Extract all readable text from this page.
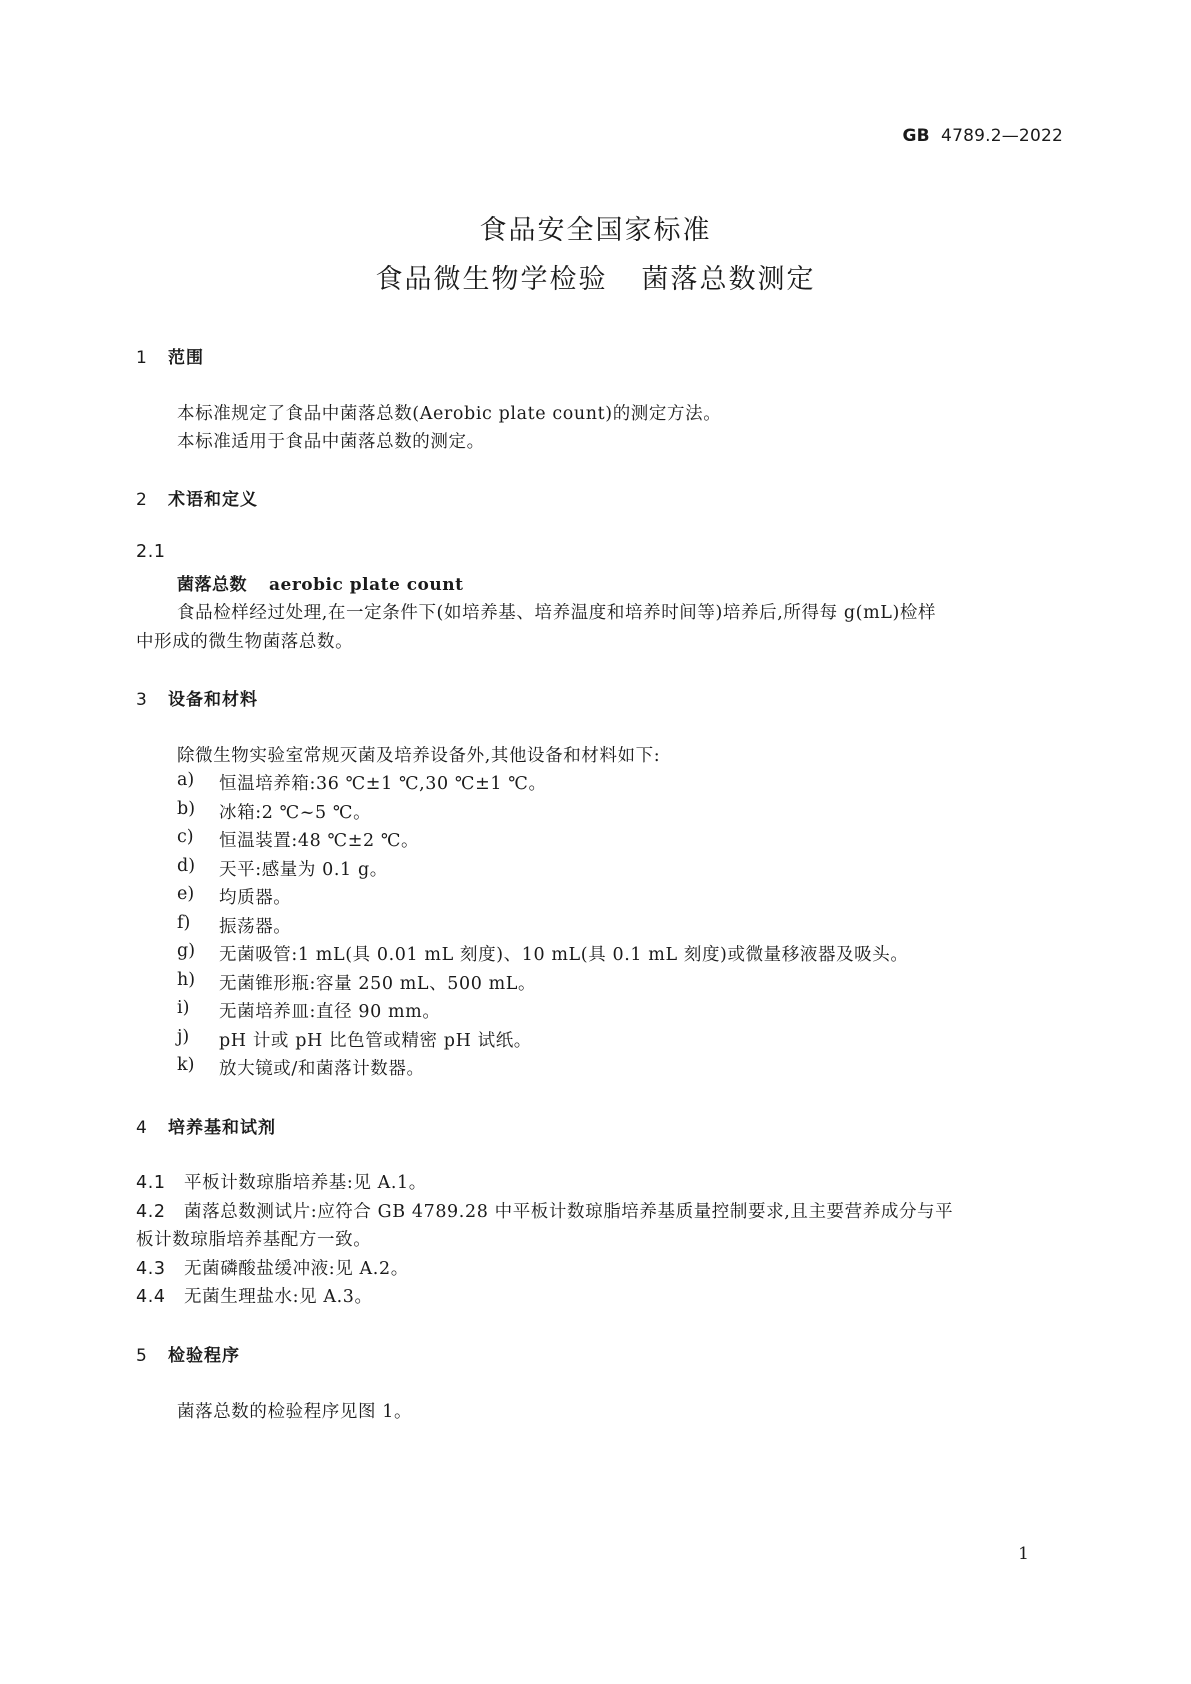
GB 4789.2—2022
食品安全国家标准
食品微生物学检验 菌落总数测定
1 范围
本标准规定了食品中菌落总数(Aerobic plate count)的测定方法。
本标准适用于食品中菌落总数的测定。
2 术语和定义
2.1
菌落总数 aerobic plate count
食品检样经过处理,在一定条件下(如培养基、培养温度和培养时间等)培养后,所得每 g(mL)检样
中形成的微生物菌落总数。
3 设备和材料
除微生物实验室常规灭菌及培养设备外,其他设备和材料如下:
a) 恒温培养箱:36 ℃±1 ℃,30 ℃±1 ℃。
b) 冰箱:2 ℃~5 ℃。
c) 恒温装置:48 ℃±2 ℃。
d) 天平:感量为 0.1 g。
e) 均质器。
f) 振荡器。
g) 无菌吸管:1 mL(具 0.01 mL 刻度)、10 mL(具 0.1 mL 刻度)或微量移液器及吸头。
h) 无菌锥形瓶:容量 250 mL、500 mL。
i) 无菌培养皿:直径 90 mm。
j) pH 计或 pH 比色管或精密 pH 试纸。
k) 放大镜或/和菌落计数器。
4 培养基和试剂
4.1 平板计数琼脂培养基:见 A.1。
4.2 菌落总数测试片:应符合 GB 4789.28 中平板计数琼脂培养基质量控制要求,且主要营养成分与平
板计数琼脂培养基配方一致。
4.3 无菌磷酸盐缓冲液:见 A.2。
4.4 无菌生理盐水:见 A.3。
5 检验程序
菌落总数的检验程序见图 1。
1
